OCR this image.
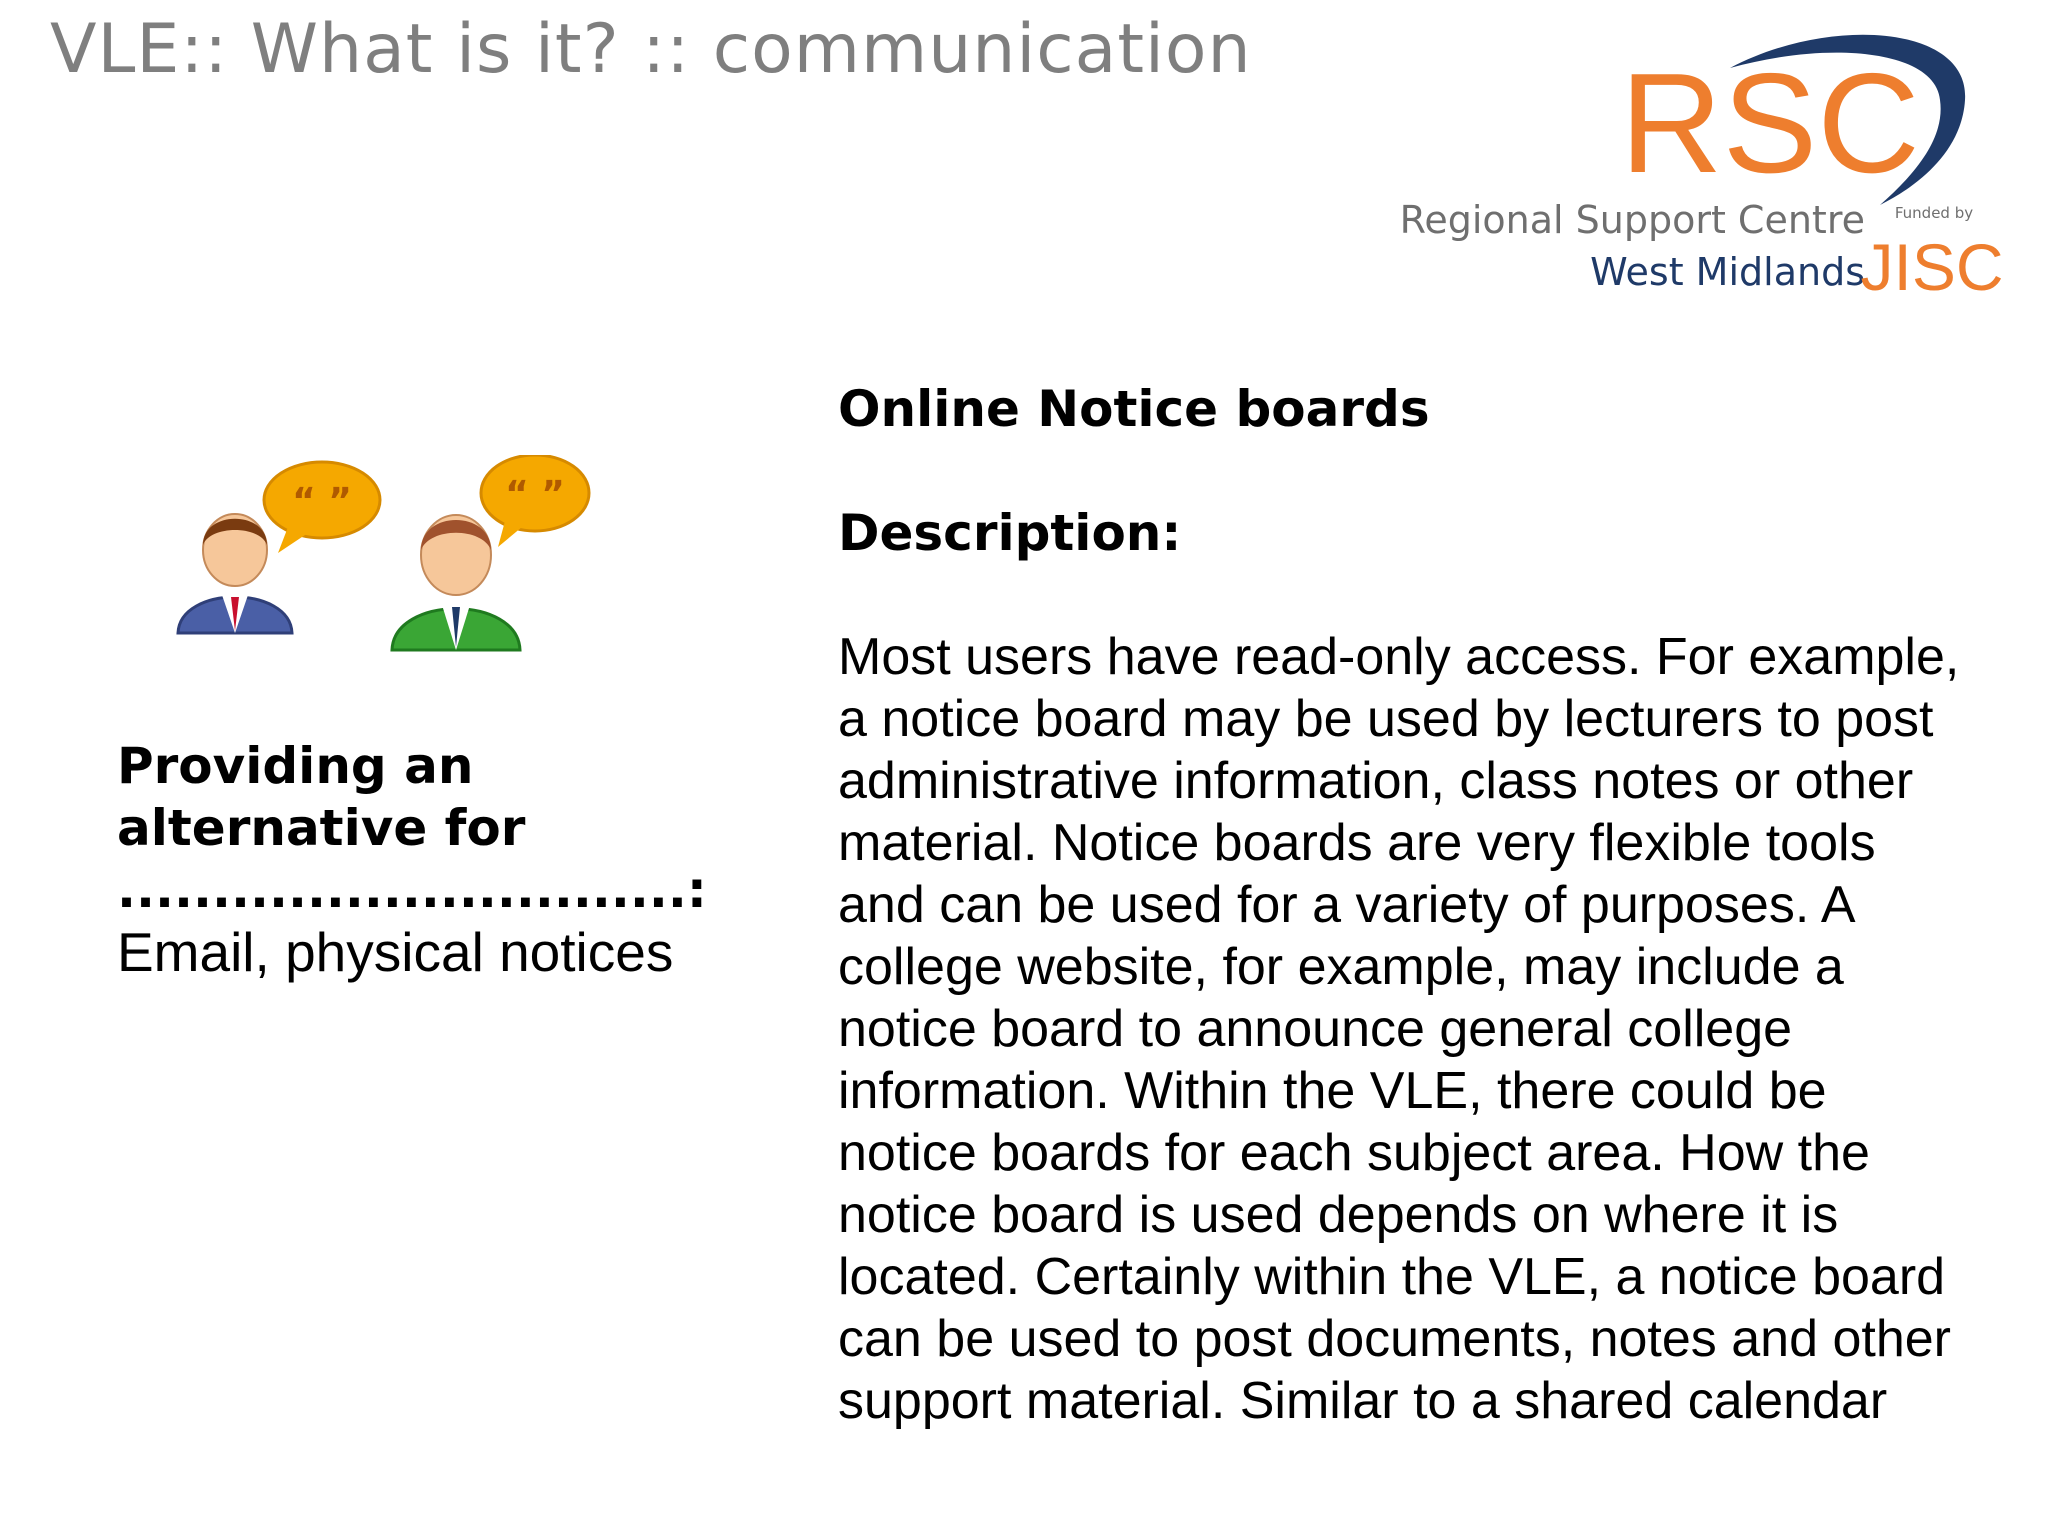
VLE:: What is it? :: communication	RSC
Regional Support Centre
West Midlands
Funded by
JISC
“ ”	“ ”
Providing an
alternative for
..............................:
Email, physical notices
Online Notice boards
Description:
Most users have read-only access. For example,
a notice board may be used by lecturers to post
administrative information, class notes or other
material. Notice boards are very flexible tools
and can be used for a variety of purposes. A
college website, for example, may include a
notice board to announce general college
information. Within the VLE, there could be
notice boards for each subject area. How the
notice board is used depends on where it is
located. Certainly within the VLE, a notice board
can be used to post documents, notes and other
support material. Similar to a shared calendar
